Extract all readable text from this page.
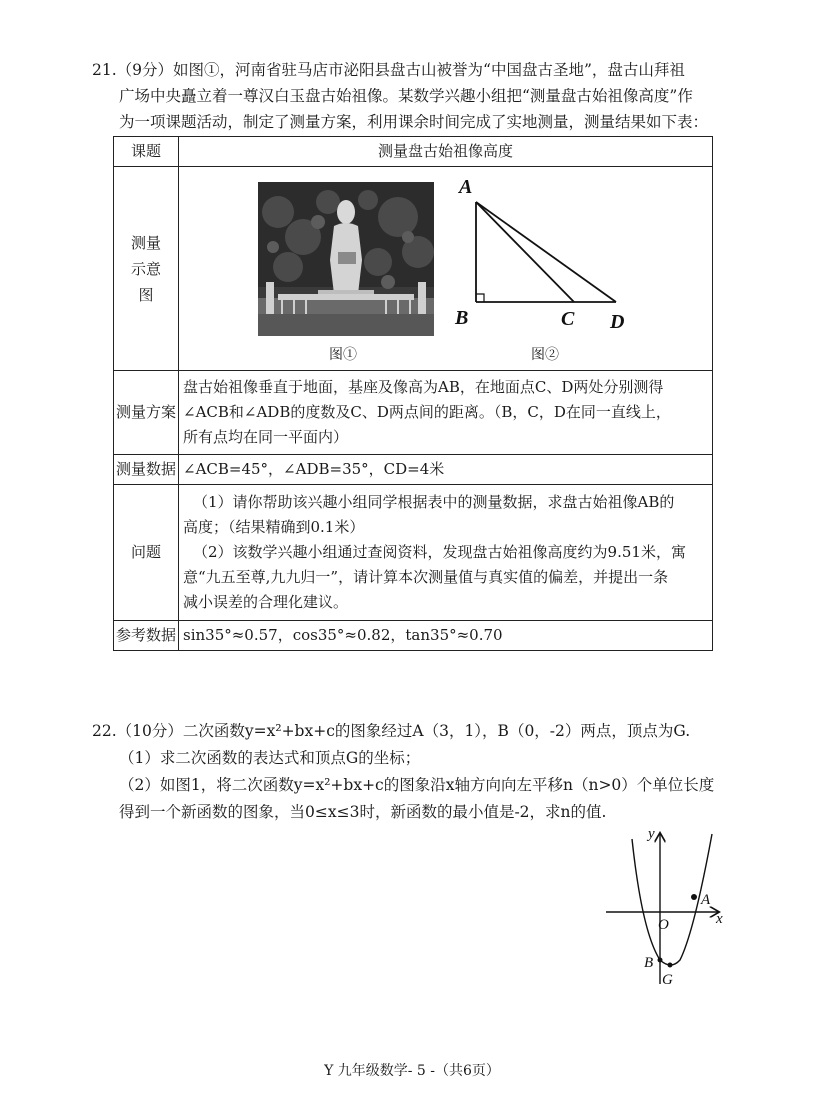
21.（9分）如图①，河南省驻马店市泌阳县盘古山被誉为“中国盘古圣地”，盘古山拜祖
广场中央矗立着一尊汉白玉盘古始祖像。某数学兴趣小组把“测量盘古始祖像高度”作
为一项课题活动，制定了测量方案，利用课余时间完成了实地测量，测量结果如下表：
课题	测量盘古始祖像高度
测量示意图	
测量方案	盘古始祖像垂直于地面，基座及像高为AB，在地面点C、D两处分别测得
∠ACB和∠ADB的度数及C、D两点间的距离。（B，C，D在同一直线上，
所有点均在同一平面内）

测量数据	∠ACB=45°，∠ADB=35°，CD=4米
问题	（1）请你帮助该兴趣小组同学根据表中的测量数据，求盘古始祖像AB的
高度；（结果精确到0.1米）
（2）该数学兴趣小组通过查阅资料，发现盘古始祖像高度约为9.51米，寓
意“九五至尊,九九归一”，请计算本次测量值与真实值的偏差，并提出一条
减小误差的合理化建议。

参考数据	sin35°≈0.57，cos35°≈0.82，tan35°≈0.70
图①
A
B	C D
图②
22.（10分）二次函数y=x²+bx+c的图象经过A（3，1），B（0，-2）两点，顶点为G.
（1）求二次函数的表达式和顶点G的坐标；
（2）如图1，将二次函数y=x²+bx+c的图象沿x轴方向向左平移n（n>0）个单位长度
得到一个新函数的图象，当0≤x≤3时，新函数的最小值是-2，求n的值.
y
x
O
A
B
G
Y 九年级数学- 5 -（共6页）
